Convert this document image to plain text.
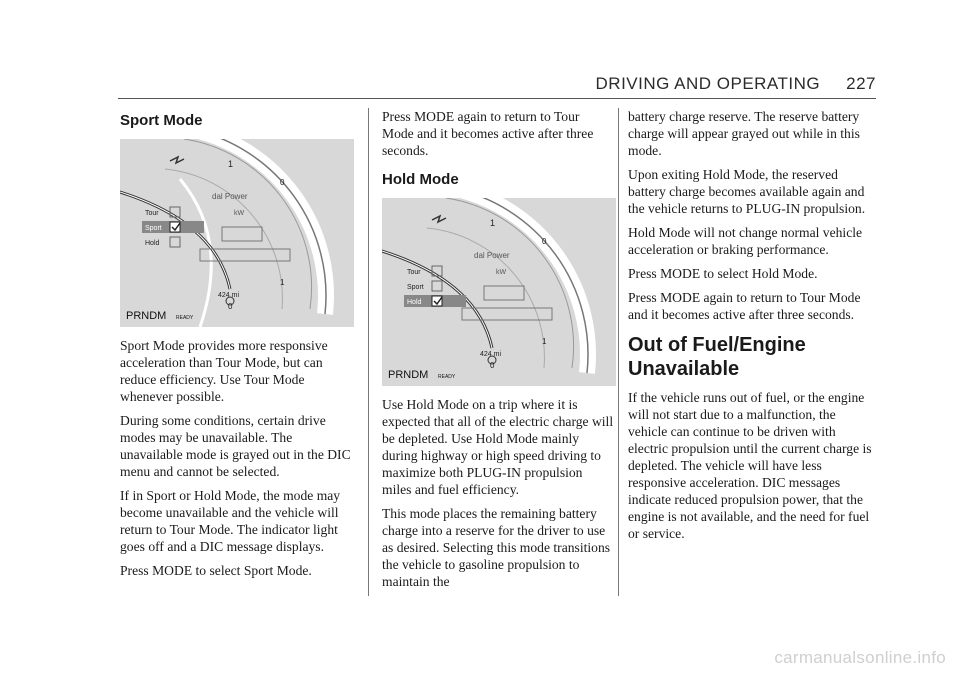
DRIVING AND OPERATING 227
Sport Mode
Tour
Sport
Hold
dal Power
kW
424 mi
1
0
0
1
PRNDM READY

Sport Mode provides more responsive acceleration than Tour Mode, but can reduce efficiency. Use Tour Mode whenever possible.

During some conditions, certain drive modes may be unavailable. The unavailable mode is grayed out in the DIC menu and cannot be selected.

If in Sport or Hold Mode, the mode may become unavailable and the vehicle will return to Tour Mode. The indicator light goes off and a DIC message displays.

Press MODE to select Sport Mode.

Press MODE again to return to Tour Mode and it becomes active after three seconds.

Hold Mode
Tour
Sport
Hold
dal Power
kW
424 mi
1
0
0
1
PRNDM READY

Use Hold Mode on a trip where it is expected that all of the electric charge will be depleted. Use Hold Mode mainly during highway or high speed driving to maximize both PLUG-IN propulsion miles and fuel efficiency.

This mode places the remaining battery charge into a reserve for the driver to use as desired. Selecting this mode transitions the vehicle to gasoline propulsion to maintain the

battery charge reserve. The reserve battery charge will appear grayed out while in this mode.

Upon exiting Hold Mode, the reserved battery charge becomes available again and the vehicle returns to PLUG-IN propulsion.

Hold Mode will not change normal vehicle acceleration or braking performance.

Press MODE to select Hold Mode.

Press MODE again to return to Tour Mode and it becomes active after three seconds.

Out of Fuel/Engine Unavailable

If the vehicle runs out of fuel, or the engine will not start due to a malfunction, the vehicle can continue to be driven with electric propulsion until the current charge is depleted. The vehicle will have less responsive acceleration. DIC messages indicate reduced propulsion power, that the engine is not available, and the need for fuel or service.

carmanualsonline.info
